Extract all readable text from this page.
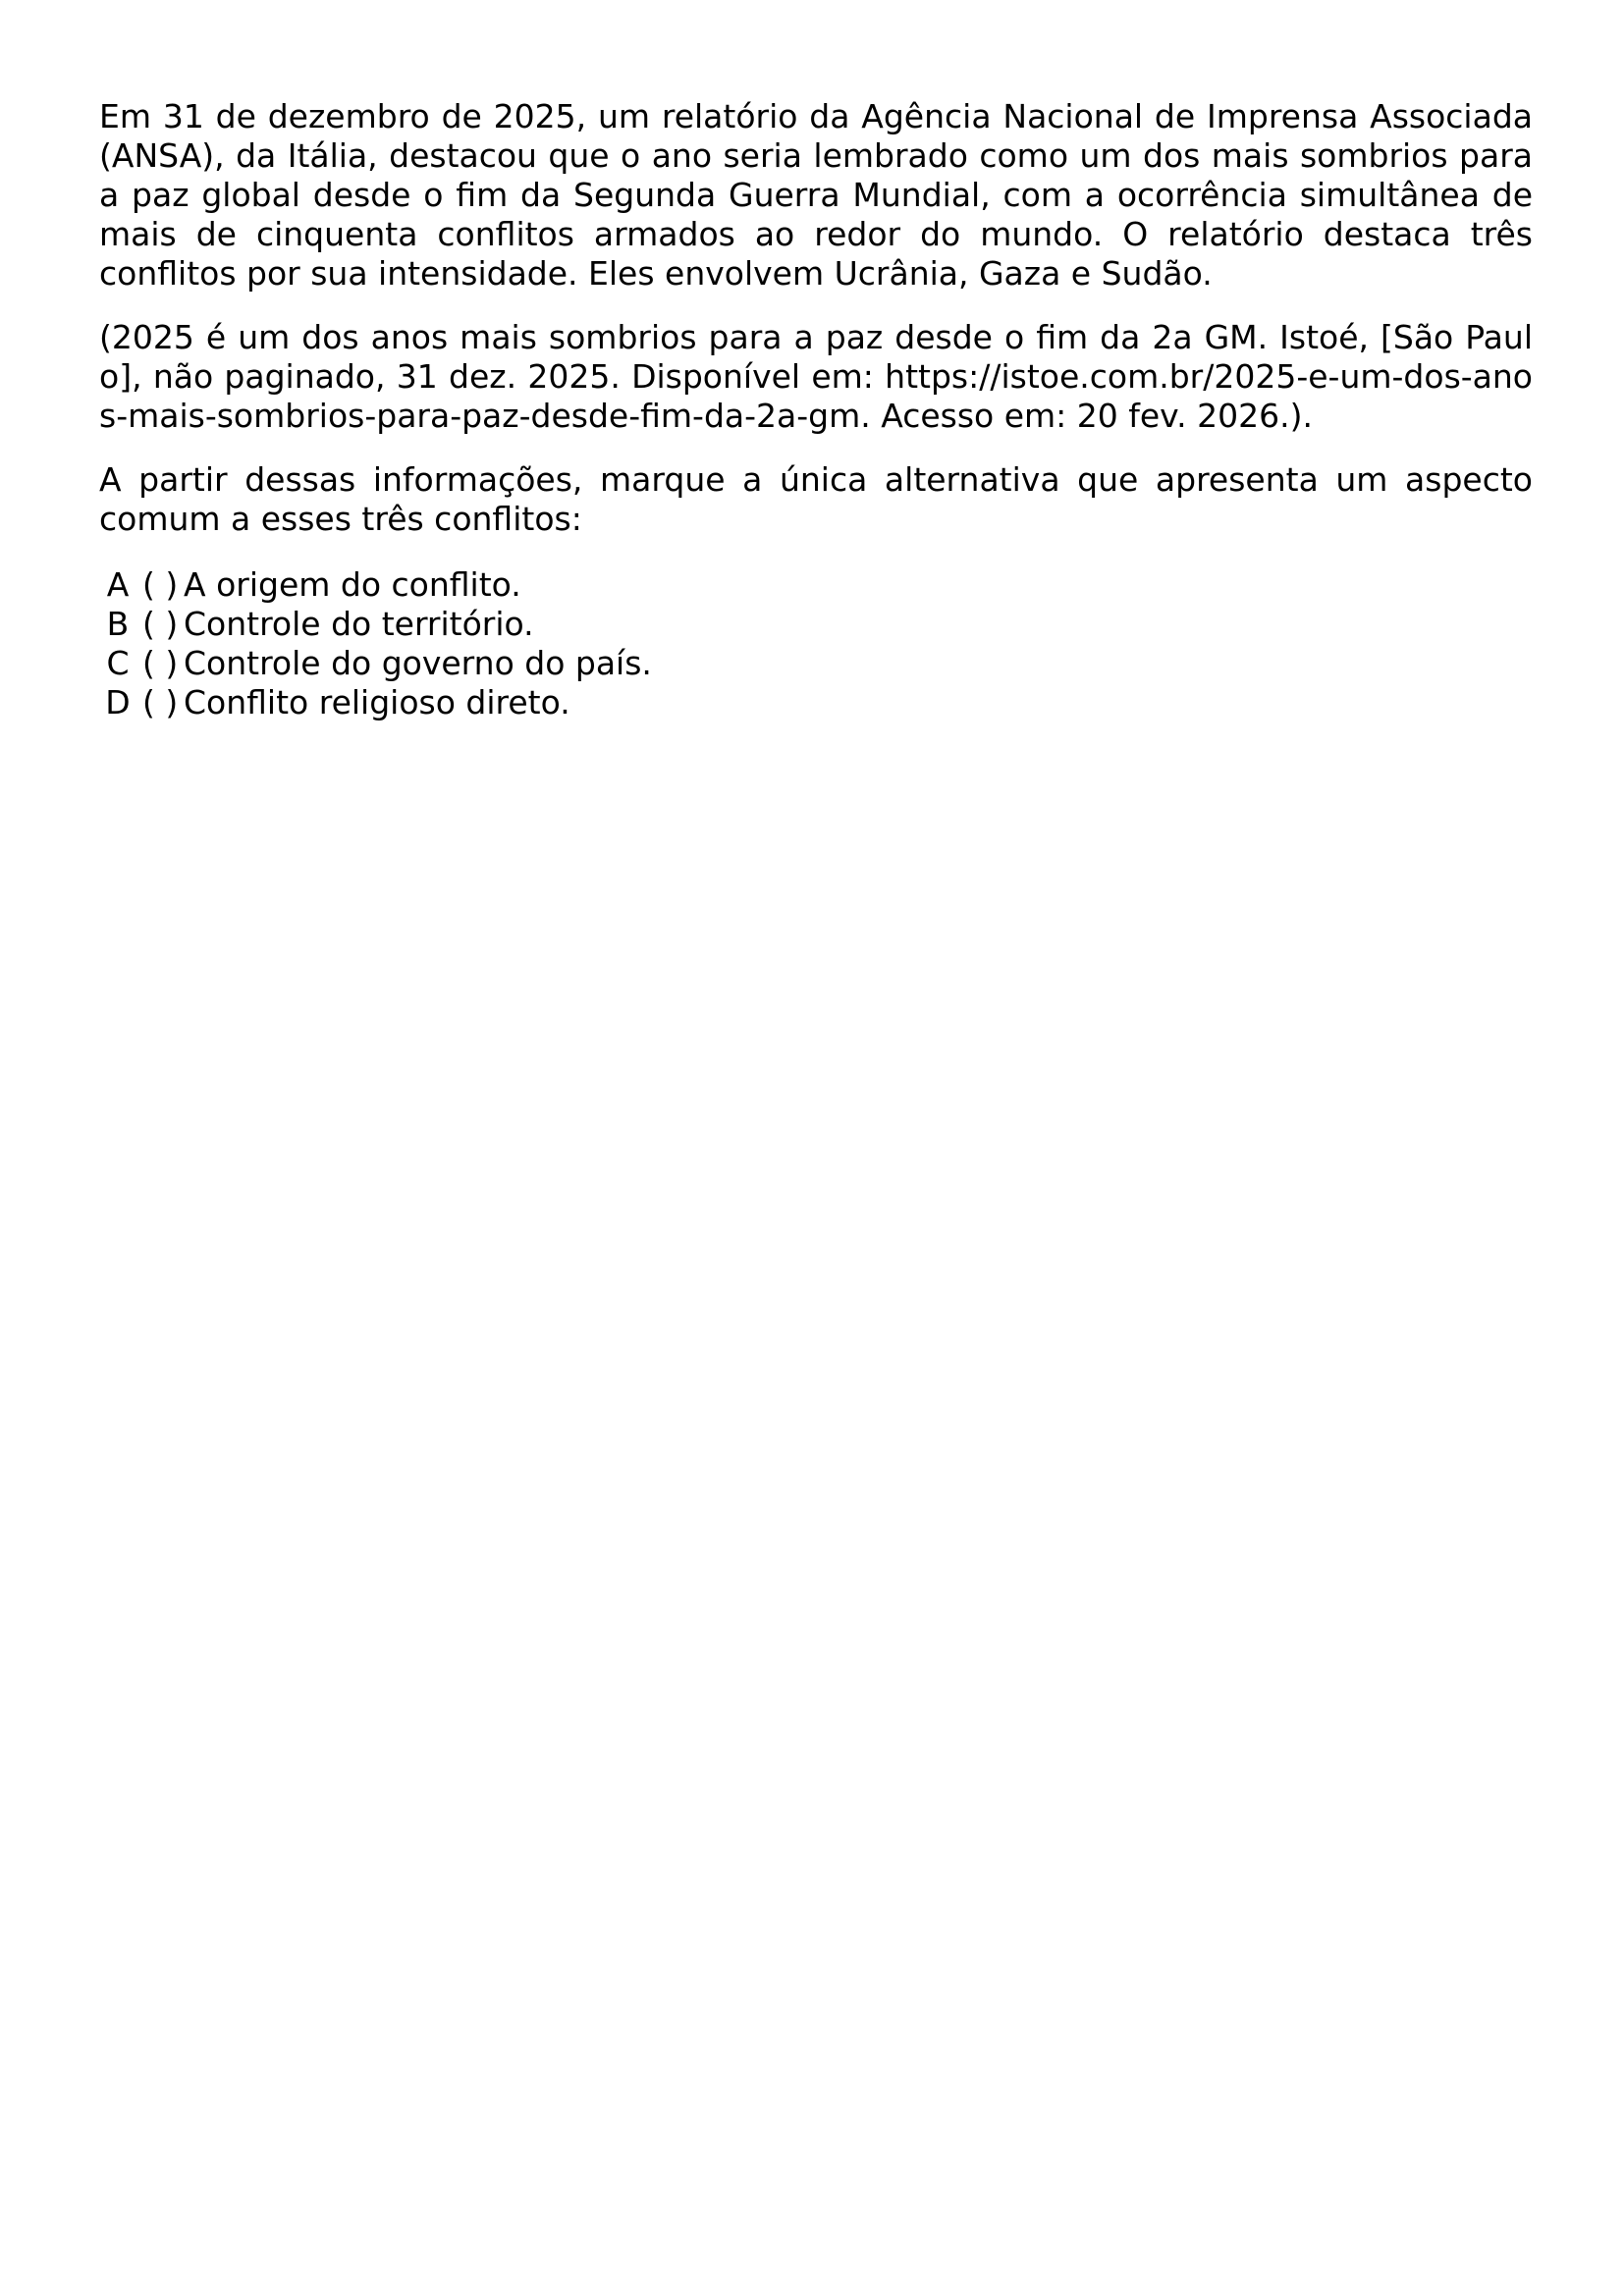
Em 31 de dezembro de 2025, um relatório da Agência Nacional de Imprensa Associada (ANSA), da Itália, destacou que o ano seria lembrado como um dos mais sombrios para a paz global desde o fim da Segunda Guerra Mundial, com a ocorrência simultânea de mais de cinquenta conflitos armados ao redor do mundo. O relatório destaca três conflitos por sua intensidade. Eles envolvem Ucrânia, Gaza e Sudão.

(2025 é um dos anos mais sombrios para a paz desde o fim da 2a GM. Istoé, [São Paulo], não paginado, 31 dez. 2025. Disponível em: https://istoe.com.br/2025-e-um-dos-anos-mais-sombrios-para-paz-desde-fim-da-2a-gm. Acesso em: 20 fev. 2026.).

A partir dessas informações, marque a única alternativa que apresenta um aspecto comum a esses três conflitos:

A ( ) A origem do conflito.
B ( ) Controle do território.
C ( ) Controle do governo do país.
D ( ) Conflito religioso direto.
